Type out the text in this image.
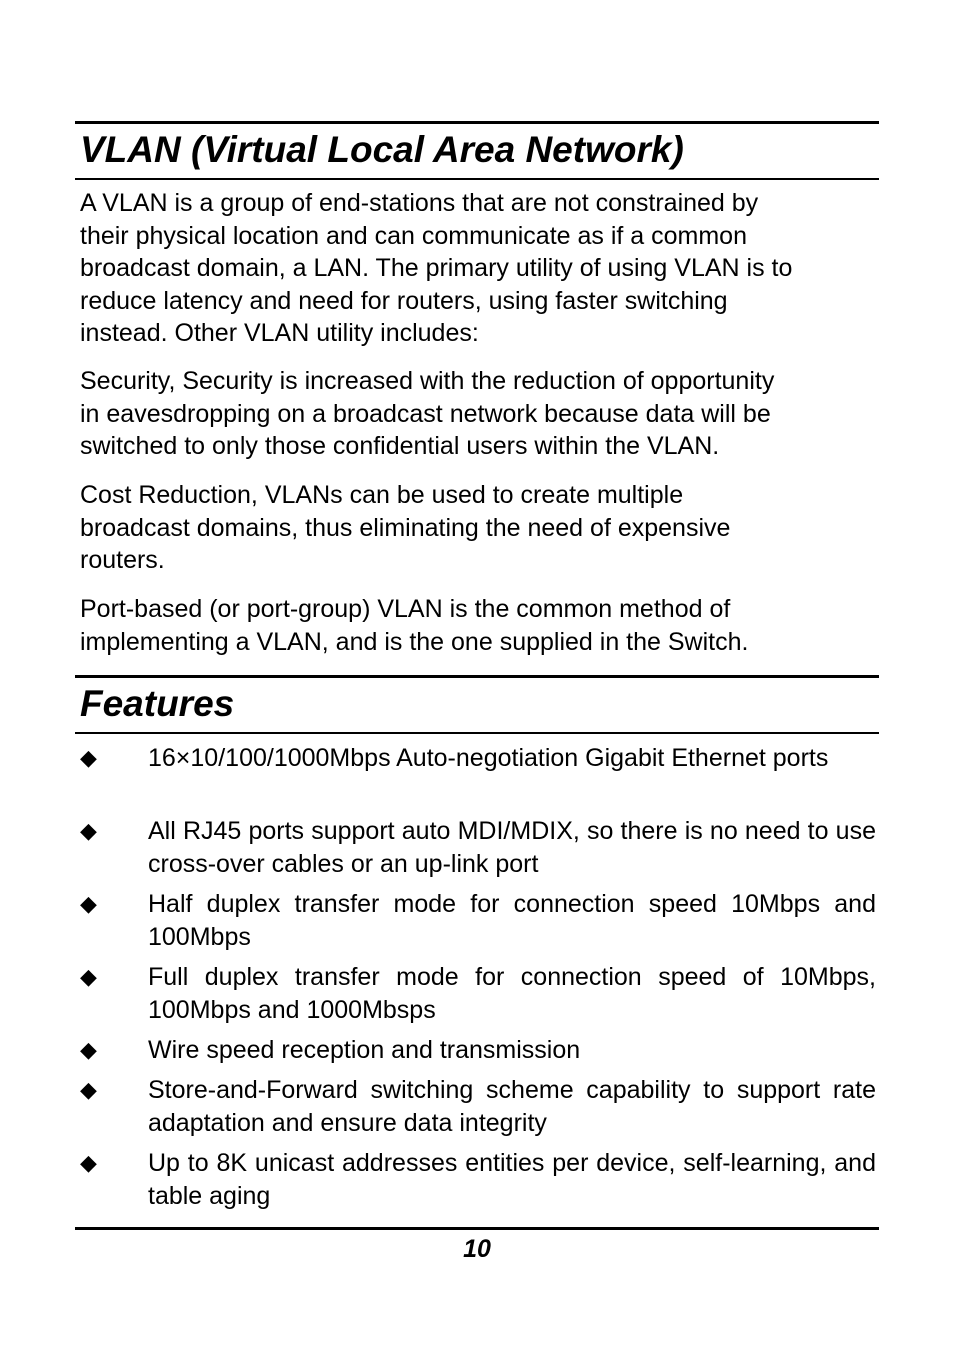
VLAN (Virtual Local Area Network)

A VLAN is a group of end-stations that are not constrained by
their physical location and can communicate as if a common
broadcast domain, a LAN. The primary utility of using VLAN is to
reduce latency and need for routers, using faster switching
instead. Other VLAN utility includes:

Security, Security is increased with the reduction of opportunity
in eavesdropping on a broadcast network because data will be
switched to only those confidential users within the VLAN.

Cost Reduction, VLANs can be used to create multiple
broadcast domains, thus eliminating the need of expensive
routers.

Port-based (or port-group) VLAN is the common method of
implementing a VLAN, and is the one supplied in the Switch.

Features
◆ 16×10/100/1000Mbps Auto-negotiation Gigabit Ethernet ports
◆ All RJ45 ports support auto MDI/MDIX, so there is no need to use cross-over cables or an up-link port
◆ Half duplex transfer mode for connection speed 10Mbps and 100Mbps
◆ Full duplex transfer mode for connection speed of 10Mbps, 100Mbps and 1000Mbsps
◆ Wire speed reception and transmission
◆ Store-and-Forward switching scheme capability to support rate adaptation and ensure data integrity
◆ Up to 8K unicast addresses entities per device, self-learning, and table aging
10
